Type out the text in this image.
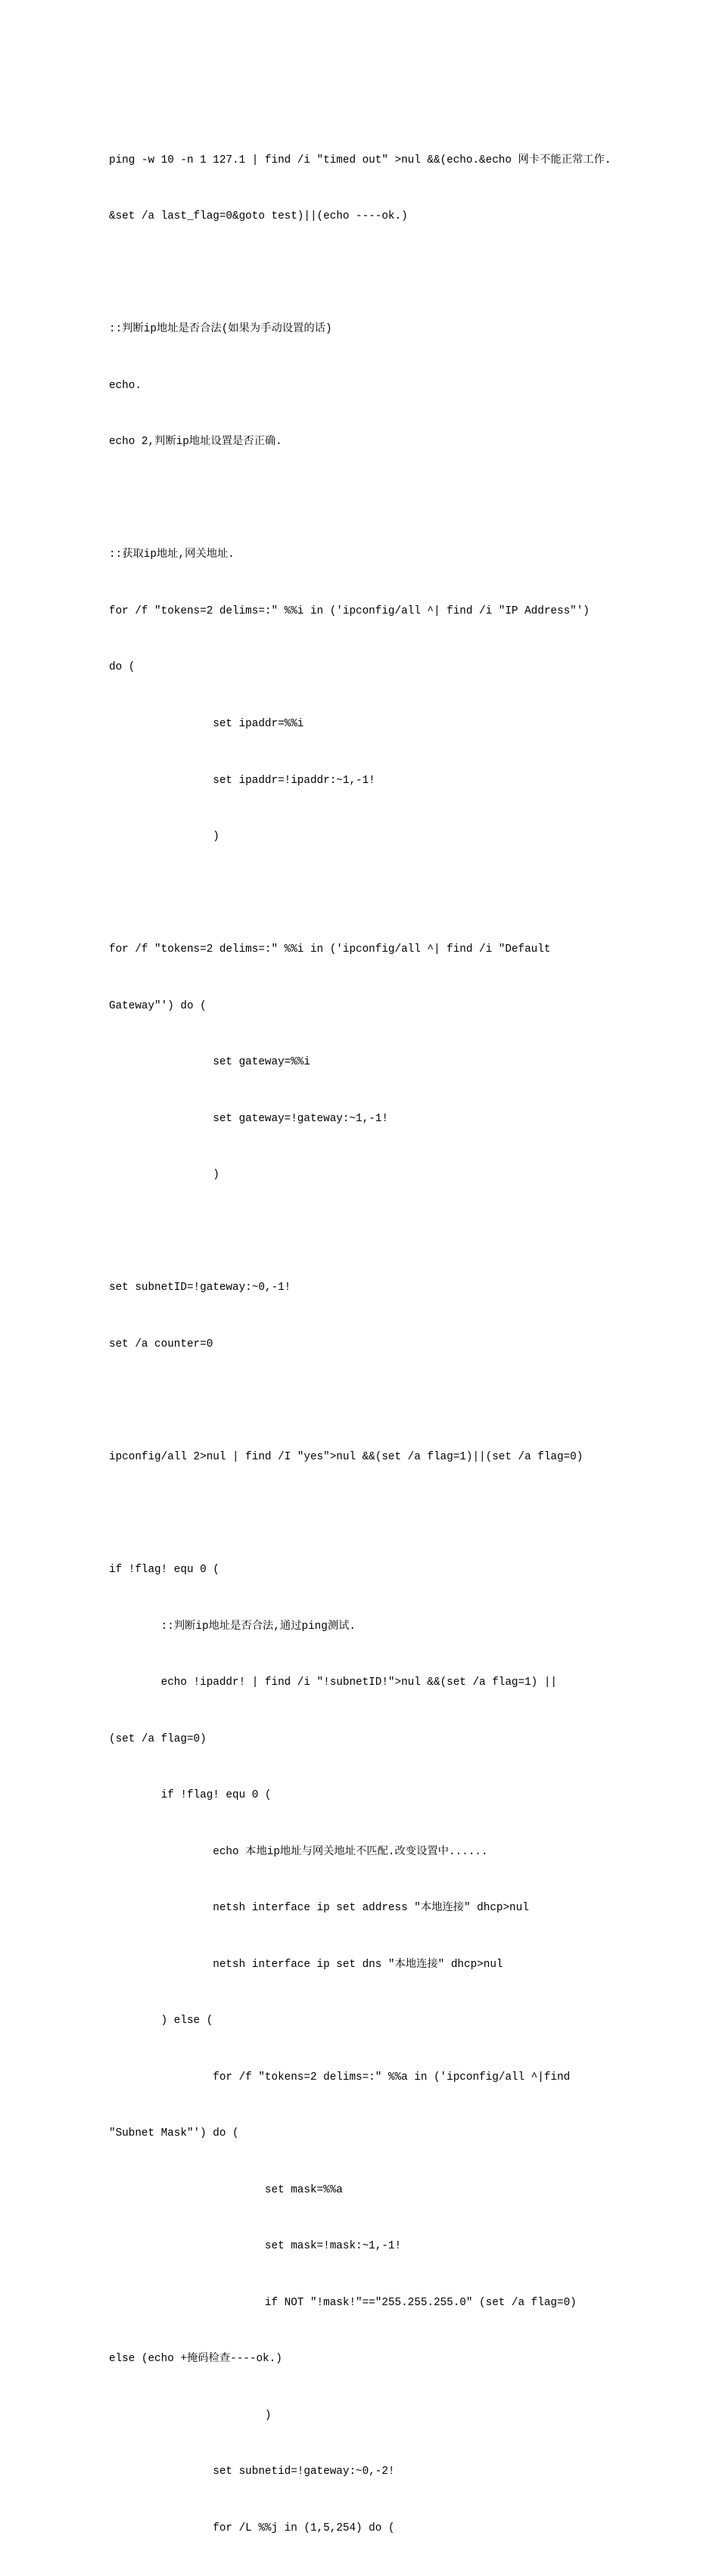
ping -w 10 -n 1 127.1 | find /i "timed out" >nul &&(echo.&echo 网卡不能正常工作.

&set /a last_flag=0&goto test)||(echo ----ok.)

::判断ip地址是否合法(如果为手动设置的话)

echo.

echo 2,判断ip地址设置是否正确.

::获取ip地址,网关地址.

for /f "tokens=2 delims=:" %%i in ('ipconfig/all ^| find /i "IP Address"')

do (

set ipaddr=%%i

set ipaddr=!ipaddr:~1,-1!

)

for /f "tokens=2 delims=:" %%i in ('ipconfig/all ^| find /i "Default

Gateway"') do (

set gateway=%%i

set gateway=!gateway:~1,-1!

)

set subnetID=!gateway:~0,-1!

set /a counter=0

ipconfig/all 2>nul | find /I "yes">nul &&(set /a flag=1)||(set /a flag=0)

if !flag! equ 0 (

::判断ip地址是否合法,通过ping测试.

echo !ipaddr! | find /i "!subnetID!">nul &&(set /a flag=1) ||

(set /a flag=0)

if !flag! equ 0 (

echo 本地ip地址与网关地址不匹配.改变设置中......

netsh interface ip set address "本地连接" dhcp>nul

netsh interface ip set dns "本地连接" dhcp>nul

) else (

for /f "tokens=2 delims=:" %%a in ('ipconfig/all ^|find

"Subnet Mask"') do (

set mask=%%a

set mask=!mask:~1,-1!

if NOT "!mask!"=="255.255.255.0" (set /a flag=0)

else (echo +掩码检查----ok.)

)

set subnetid=!gateway:~0,-2!

for /L %%j in (1,5,254) do (
